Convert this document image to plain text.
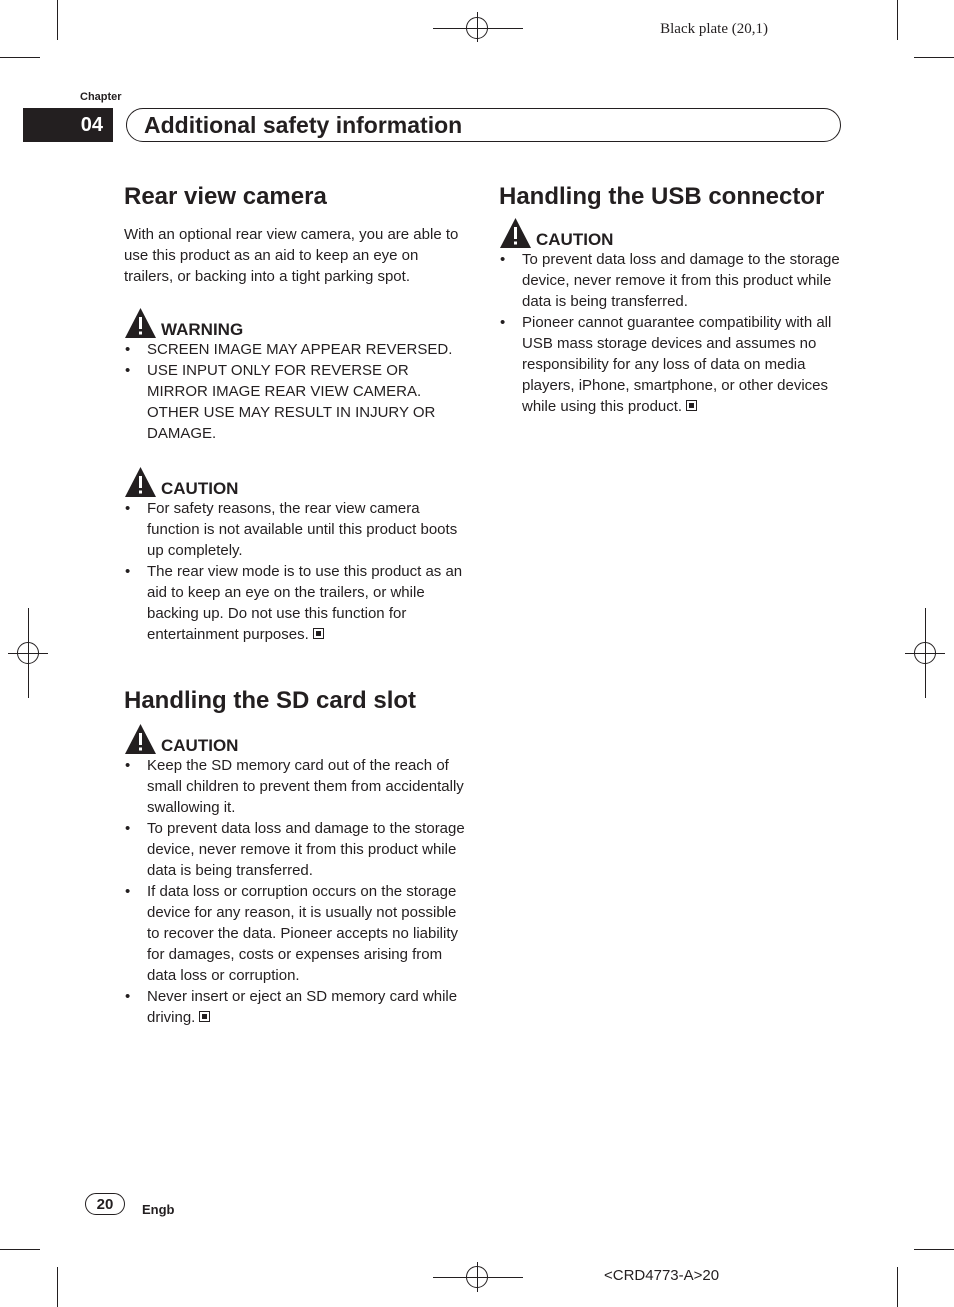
Black plate (20,1)
Chapter
04	Additional safety information
Rear view camera

With an optional rear view camera, you are able to use this product as an aid to keep an eye on trailers, or backing into a tight parking spot.

WARNING
• SCREEN IMAGE MAY APPEAR REVERSED.
• USE INPUT ONLY FOR REVERSE OR MIRROR IMAGE REAR VIEW CAMERA. OTHER USE MAY RESULT IN INJURY OR DAMAGE.
CAUTION
• For safety reasons, the rear view camera function is not available until this product boots up completely.
• The rear view mode is to use this product as an aid to keep an eye on the trailers, or while backing up. Do not use this function for entertainment purposes.
Handling the SD card slot
CAUTION
• Keep the SD memory card out of the reach of small children to prevent them from accidentally swallowing it.
• To prevent data loss and damage to the storage device, never remove it from this product while data is being transferred.
• If data loss or corruption occurs on the storage device for any reason, it is usually not possible to recover the data. Pioneer accepts no liability for damages, costs or expenses arising from data loss or corruption.
• Never insert or eject an SD memory card while driving.
Handling the USB connector
CAUTION
• To prevent data loss and damage to the storage device, never remove it from this product while data is being transferred.
• Pioneer cannot guarantee compatibility with all USB mass storage devices and assumes no responsibility for any loss of data on media players, iPhone, smartphone, or other devices while using this product.
20	Engb
<CRD4773-A>20
